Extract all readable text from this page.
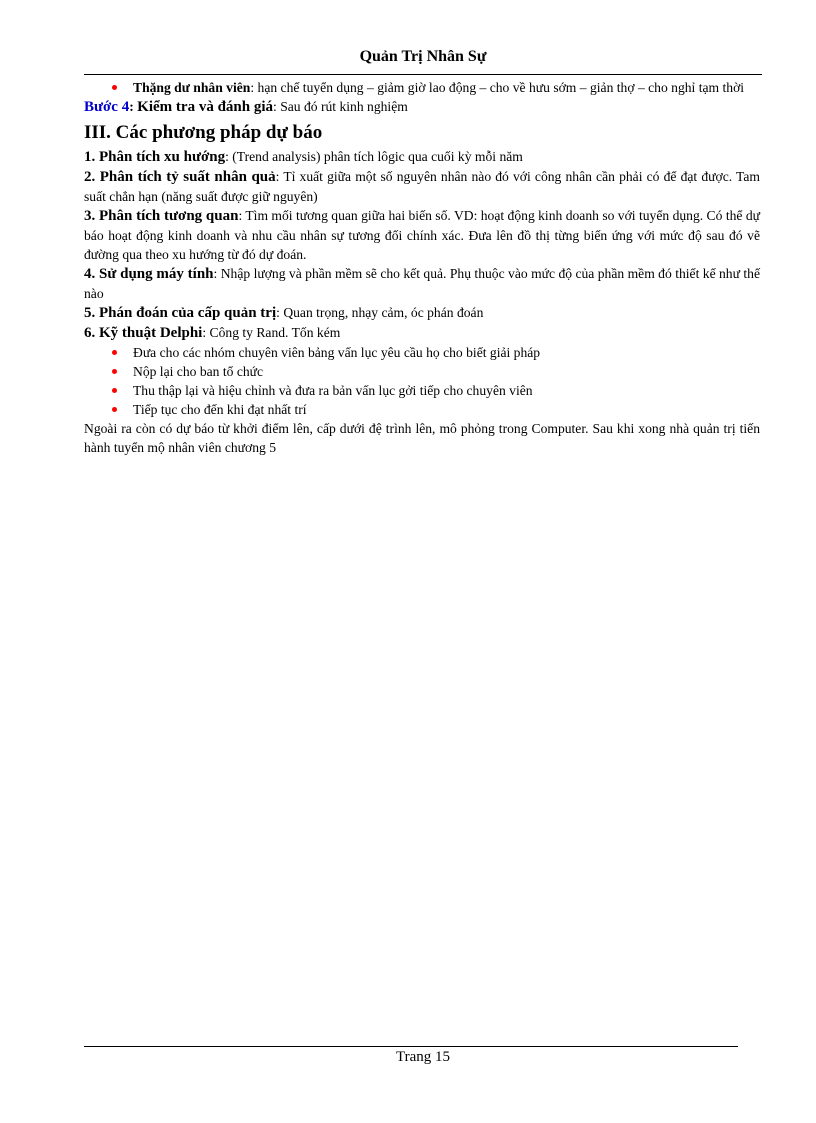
Quản Trị Nhân Sự
Thặng dư nhân viên: hạn chế tuyển dụng – giảm giờ lao động – cho về hưu sớm – giản thợ – cho nghỉ tạm thời

Bước 4: Kiểm tra và đánh giá: Sau đó rút kinh nghiệm

III. Các phương pháp dự báo

1. Phân tích xu hướng: (Trend analysis) phân tích lôgic qua cuối kỳ mỗi năm

2. Phân tích tỷ suất nhân quả: Tỉ xuất giữa một số nguyên nhân nào đó với công nhân cần phải có để đạt được. Tam suất chẳn hạn (năng suất được giữ nguyên)

3. Phân tích tương quan: Tìm mối tương quan giữa hai biến số. VD: hoạt động kinh doanh so với tuyển dụng. Có thể dự báo hoạt động kinh doanh và nhu cầu nhân sự tương đối chính xác. Đưa lên đồ thị từng biến ứng với mức độ sau đó vẽ đường qua theo xu hướng từ đó dự đoán.

4. Sử dụng máy tính: Nhập lượng và phần mềm sẽ cho kết quả. Phụ thuộc vào mức độ của phần mềm đó thiết kế như thế nào

5. Phán đoán của cấp quản trị: Quan trọng, nhạy cảm, óc phán đoán

6. Kỹ thuật Delphi: Công ty Rand. Tốn kém

Đưa cho các nhóm chuyên viên bảng vấn lục yêu cầu họ cho biết giải pháp
Nộp lại cho ban tổ chức
Thu thập lại và hiệu chỉnh và đưa ra bản vấn lục gởi tiếp cho chuyên viên
Tiếp tục cho đến khi đạt nhất trí

Ngoài ra còn có dự báo từ khởi điểm lên, cấp dưới đệ trình lên, mô phỏng trong Computer. Sau khi xong nhà quản trị tiến hành tuyển mộ nhân viên chương 5

Trang 15
